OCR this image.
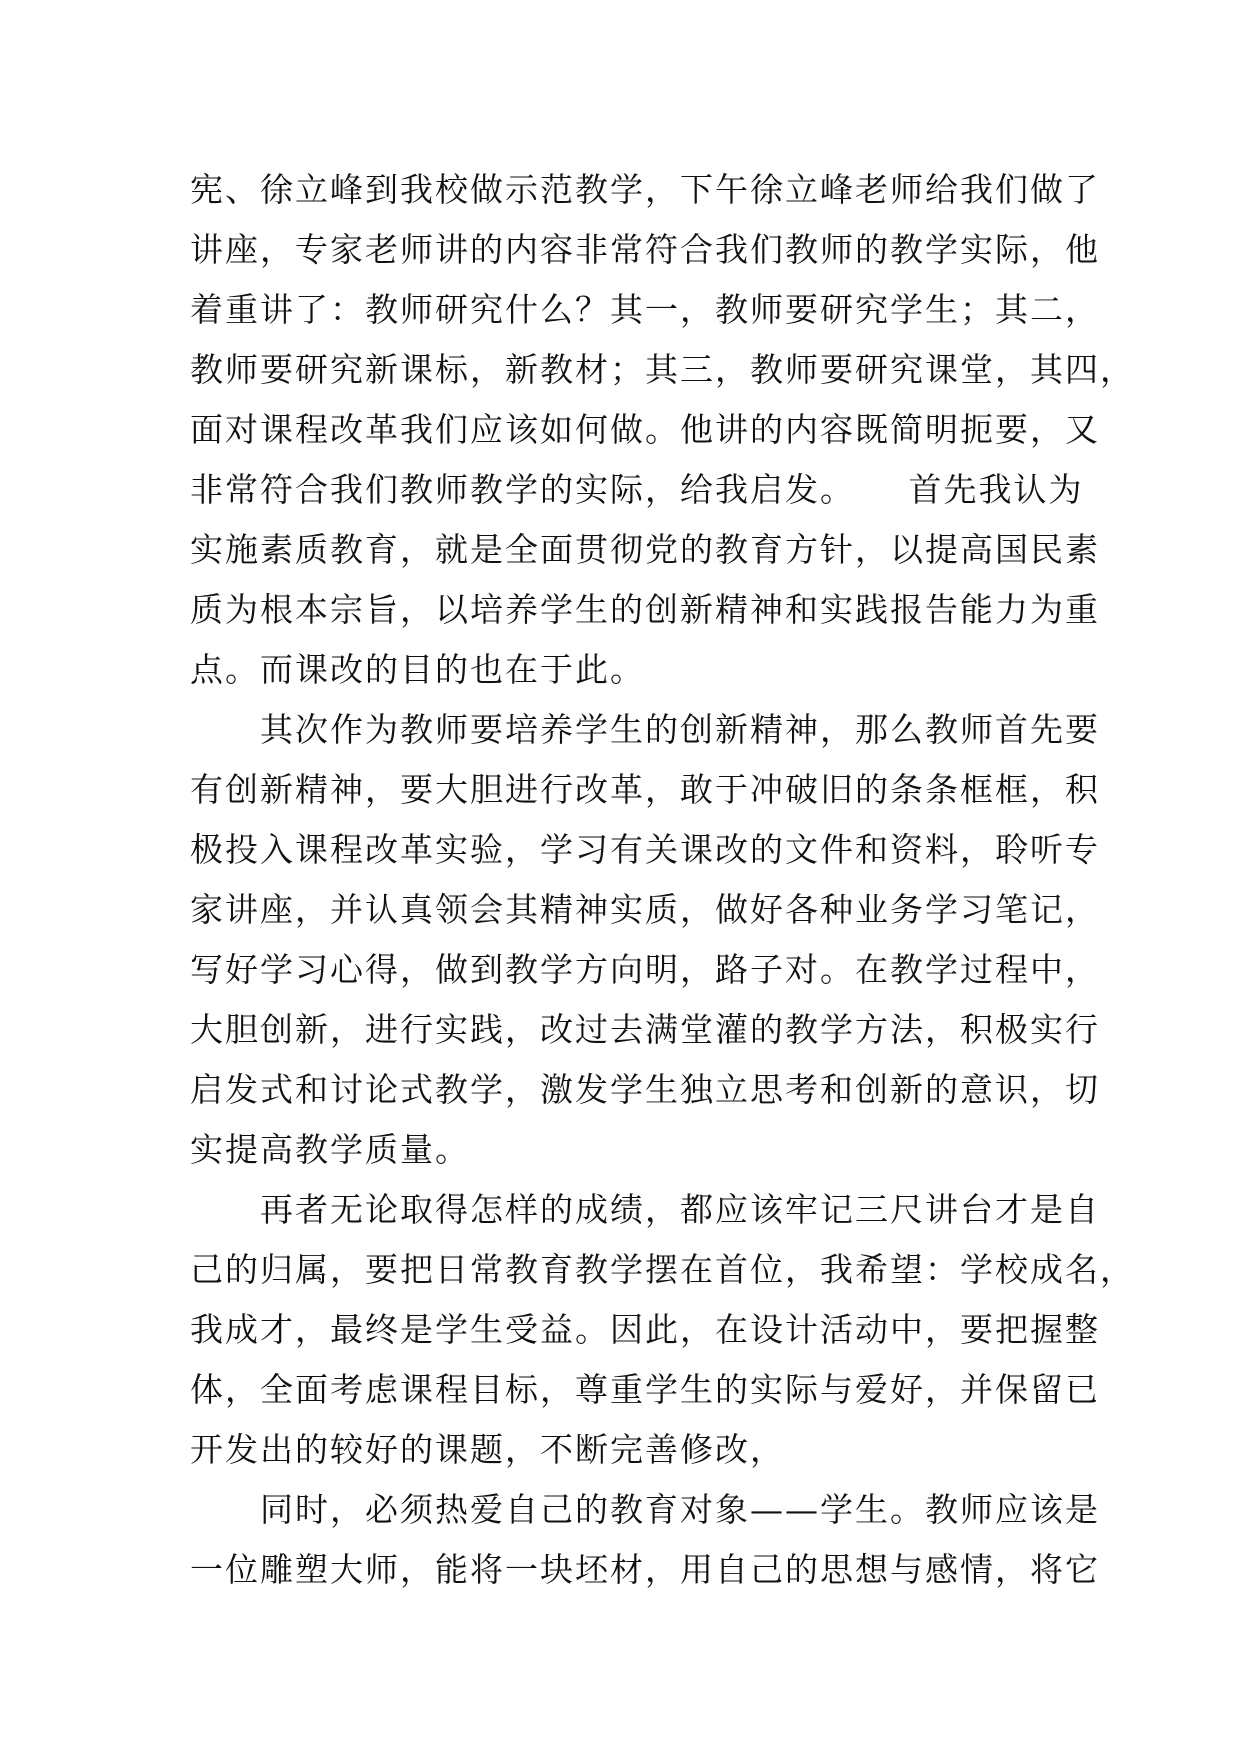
宪、徐立峰到我校做示范教学，下午徐立峰老师给我们做了
讲座，专家老师讲的内容非常符合我们教师的教学实际，他
着重讲了：教师研究什么？其一，教师要研究学生；其二，
教师要研究新课标，新教材；其三，教师要研究课堂，其四，
面对课程改革我们应该如何做。他讲的内容既简明扼要，又
非常符合我们教师教学的实际，给我启发。　　首先我认为
实施素质教育，就是全面贯彻党的教育方针，以提高国民素
质为根本宗旨，以培养学生的创新精神和实践报告能力为重
点。而课改的目的也在于此。
　　其次作为教师要培养学生的创新精神，那么教师首先要
有创新精神，要大胆进行改革，敢于冲破旧的条条框框，积
极投入课程改革实验，学习有关课改的文件和资料，聆听专
家讲座，并认真领会其精神实质，做好各种业务学习笔记，
写好学习心得，做到教学方向明，路子对。在教学过程中，
大胆创新，进行实践，改过去满堂灌的教学方法，积极实行
启发式和讨论式教学，激发学生独立思考和创新的意识，切
实提高教学质量。
　　再者无论取得怎样的成绩，都应该牢记三尺讲台才是自
己的归属，要把日常教育教学摆在首位，我希望：学校成名，
我成才，最终是学生受益。因此，在设计活动中，要把握整
体，全面考虑课程目标，尊重学生的实际与爱好，并保留已
开发出的较好的课题，不断完善修改，
　　同时，必须热爱自己的教育对象——学生。教师应该是
一位雕塑大师，能将一块坯材，用自己的思想与感情，将它
